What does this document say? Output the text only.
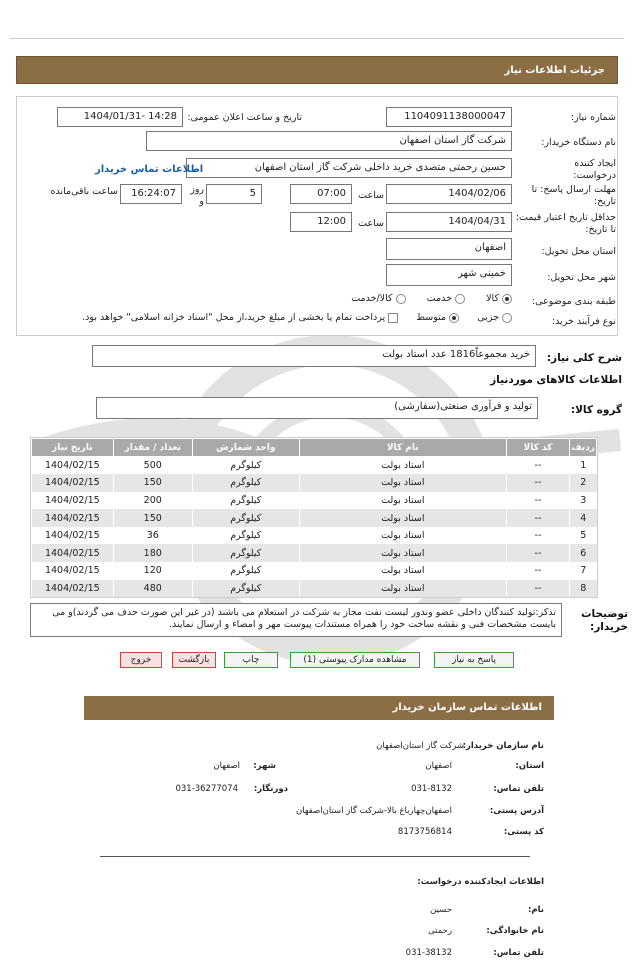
جزئیات اطلاعات نیاز
شماره نیاز:
1104091138000047
تاریخ و ساعت اعلان عمومی:
1404/01/31- 14:28
نام دستگاه خریدار:
شرکت گاز استان اصفهان
ایجاد کننده درخواست:
حسین رحمتی متصدی خرید داخلی شرکت گاز استان اصفهان
اطلاعات تماس خریدار
مهلت ارسال پاسخ: تا تاریخ:
1404/02/06
ساعت
07:00
5
روز و
16:24:07
ساعت باقی‌مانده
حداقل تاریخ اعتبار قیمت: تا تاریخ:
1404/04/31
ساعت
12:00
استان محل تحویل:
اصفهان
شهر محل تحویل:
خمینی شهر
طبقه بندی موضوعی:
کالا        خدمت        کالا/خدمت
نوع فرآیند خرید:
جزیی       متوسط       پرداخت تمام یا بخشی از مبلغ خرید،از محل "اسناد خزانه اسلامی" خواهد بود.
شرح کلی نیاز:
خرید مجموعاً1816 عدد استاد بولت
اطلاعات کالاهای موردنیاز
گروه کالا:
تولید و فرآوری صنعتی(سفارشی)
ردیف	کد کالا	نام کالا	واحد شمارش	تعداد / مقدار	تاریخ نیاز
1	--	استاد بولت	کیلوگرم	500	1404/02/15
2	--	استاد بولت	کیلوگرم	150	1404/02/15
3	--	استاد بولت	کیلوگرم	200	1404/02/15
4	--	استاد بولت	کیلوگرم	150	1404/02/15
5	--	استاد بولت	کیلوگرم	36	1404/02/15
6	--	استاد بولت	کیلوگرم	180	1404/02/15
7	--	استاد بولت	کیلوگرم	120	1404/02/15
8	--	استاد بولت	کیلوگرم	480	1404/02/15
توضیحات خریدار:
تذکر:تولید کنندگان داخلی عضو وندور لیست نفت مجاز به شرکت در استعلام می باشند (در غیر این صورت حذف می گردند)و می بایست مشخصات فنی و نقشه ساخت خود را همراه مستندات پیوست مهر و امضاء و ارسال نمایند.
پاسخ به نیاز
مشاهده مدارک پیوستی (1)
چاپ
بازگشت
خروج
اطلاعات تماس سازمان خریدار
نام سازمان خریدار:
شرکت گاز استان‌اصفهان
استان:
اصفهان
شهر:
اصفهان
تلفن تماس:
031-8132
دورنگار:
031-36277074
آدرس پستی:
اصفهان‌چهارباغ بالا-شرکت گاز استان‌اصفهان
کد پستی:
8173756814
اطلاعات ایجادکننده درخواست:
نام:
حسین
نام خانوادگی:
رحمتی
تلفن تماس:
031-38132
